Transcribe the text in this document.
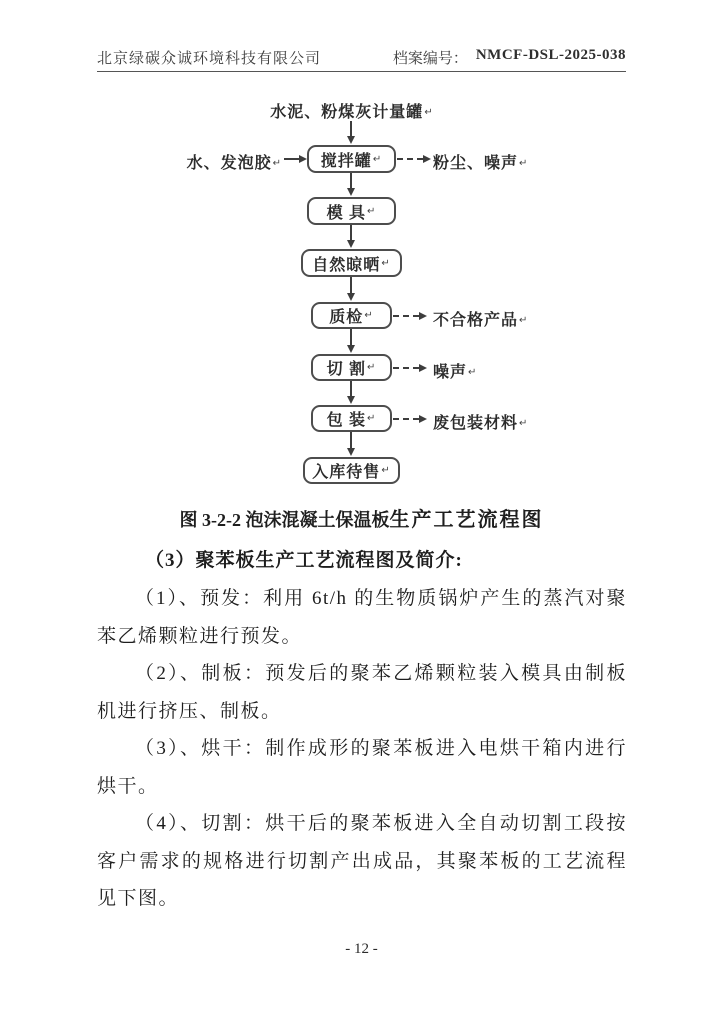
北京绿碳众诚环境科技有限公司	档案编号： NMCF-DSL-2025-038
水泥、粉煤灰计量罐↵
搅拌罐 ↵
水、发泡胶↵	粉尘、噪声↵
模 具 ↵
自然晾晒 ↵
质检 ↵	不合格产品↵
切 割 ↵	噪声↵
包 装 ↵	废包装材料↵
入库待售 ↵
图 3-2-2 泡沫混凝土保温板生产工艺流程图
（3）聚苯板生产工艺流程图及简介:

（1）、预发：利用 6t/h 的生物质锅炉产生的蒸汽对聚苯乙烯颗粒进行预发。

（2）、制板：预发后的聚苯乙烯颗粒装入模具由制板机进行挤压、制板。

（3）、烘干：制作成形的聚苯板进入电烘干箱内进行烘干。

（4）、切割：烘干后的聚苯板进入全自动切割工段按客户需求的规格进行切割产出成品，其聚苯板的工艺流程见下图。

- 12 -
